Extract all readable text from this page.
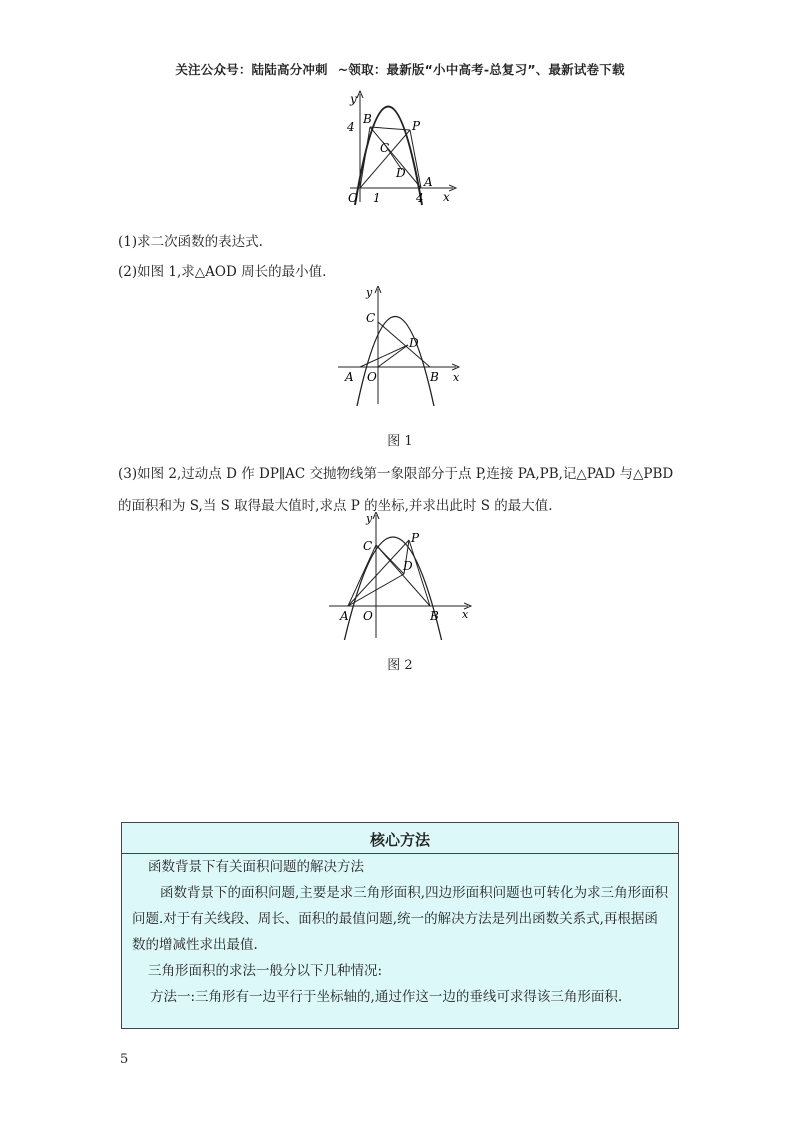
关注公众号：陆陆高分冲刺 ~领取：最新版“小中高考-总复习”、最新试卷下载
y
4
B	P
C
D
A
O 1	4 x
(1)求二次函数的表达式.
(2)如图 1,求△AOD 周长的最小值.
y
C
D
A O	B x
图 1
(3)如图 2,过动点 D 作 DP∥AC 交抛物线第一象限部分于点 P,连接 PA,PB,记△PAD 与△PBD 的面积和为 S,当 S 取得最大值时,求点 P 的坐标,并求出此时 S 的最大值.
y
C
P
D
A O	B x
图 2
核心方法

函数背景下有关面积问题的解决方法

函数背景下的面积问题,主要是求三角形面积,四边形面积问题也可转化为求三角形面积问题.对于有关线段、周长、面积的最值问题,统一的解决方法是列出函数关系式,再根据函数的增减性求出最值.

三角形面积的求法一般分以下几种情况:

方法一:三角形有一边平行于坐标轴的,通过作这一边的垂线可求得该三角形面积.

5
